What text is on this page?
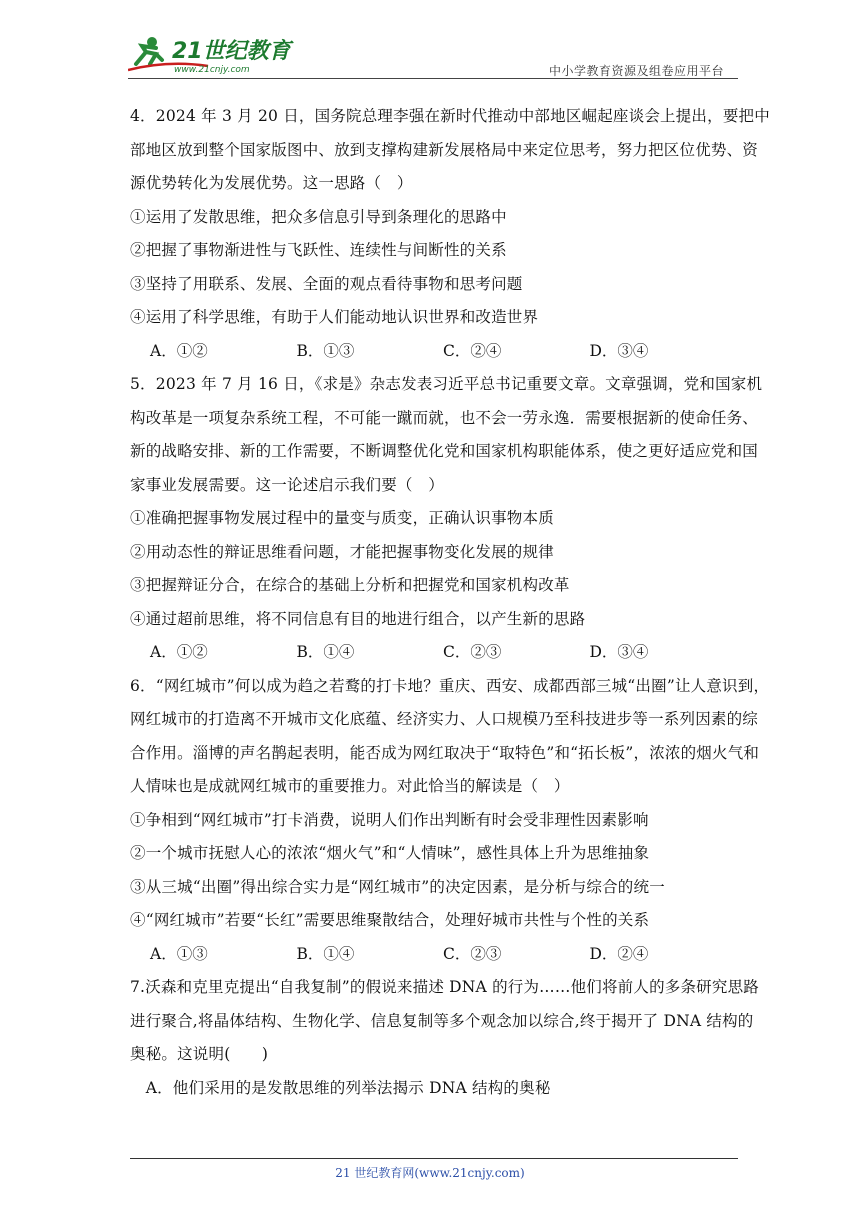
21世纪教育
www.21cnjy.com	中小学教育资源及组卷应用平台
4．2024 年 3 月 20 日，国务院总理李强在新时代推动中部地区崛起座谈会上提出，要把中
部地区放到整个国家版图中、放到支撑构建新发展格局中来定位思考，努力把区位优势、资
源优势转化为发展优势。这一思路（　）
①运用了发散思维，把众多信息引导到条理化的思路中
②把握了事物渐进性与飞跃性、连续性与间断性的关系
③坚持了用联系、发展、全面的观点看待事物和思考问题
④运用了科学思维，有助于人们能动地认识世界和改造世界
A．①②	B．①③	C．②④	D．③④
5．2023 年 7 月 16 日，《求是》杂志发表习近平总书记重要文章。文章强调，党和国家机
构改革是一项复杂系统工程，不可能一蹴而就，也不会一劳永逸．需要根据新的使命任务、
新的战略安排、新的工作需要，不断调整优化党和国家机构职能体系，使之更好适应党和国
家事业发展需要。这一论述启示我们要（　）
①准确把握事物发展过程中的量变与质变，正确认识事物本质
②用动态性的辩证思维看问题，才能把握事物变化发展的规律
③把握辩证分合，在综合的基础上分析和把握党和国家机构改革
④通过超前思维，将不同信息有目的地进行组合，以产生新的思路
A．①②	B．①④	C．②③	D．③④
6．“网红城市”何以成为趋之若鹜的打卡地？重庆、西安、成都西部三城“出圈”让人意识到，
网红城市的打造离不开城市文化底蕴、经济实力、人口规模乃至科技进步等一系列因素的综
合作用。淄博的声名鹊起表明，能否成为网红取决于“取特色”和“拓长板”，浓浓的烟火气和
人情味也是成就网红城市的重要推力。对此恰当的解读是（　）
①争相到“网红城市”打卡消费，说明人们作出判断有时会受非理性因素影响
②一个城市抚慰人心的浓浓“烟火气”和“人情味”，感性具体上升为思维抽象
③从三城“出圈”得出综合实力是“网红城市”的决定因素，是分析与综合的统一
④“网红城市”若要“长红”需要思维聚散结合，处理好城市共性与个性的关系
A．①③	B．①④	C．②③	D．②④
7.沃森和克里克提出“自我复制”的假说来描述 DNA 的行为……他们将前人的多条研究思路
进行聚合,将晶体结构、生物化学、信息复制等多个观念加以综合,终于揭开了 DNA 结构的
奥秘。这说明(　　)
　A．他们采用的是发散思维的列举法揭示 DNA 结构的奥秘
21 世纪教育网(www.21cnjy.com)
